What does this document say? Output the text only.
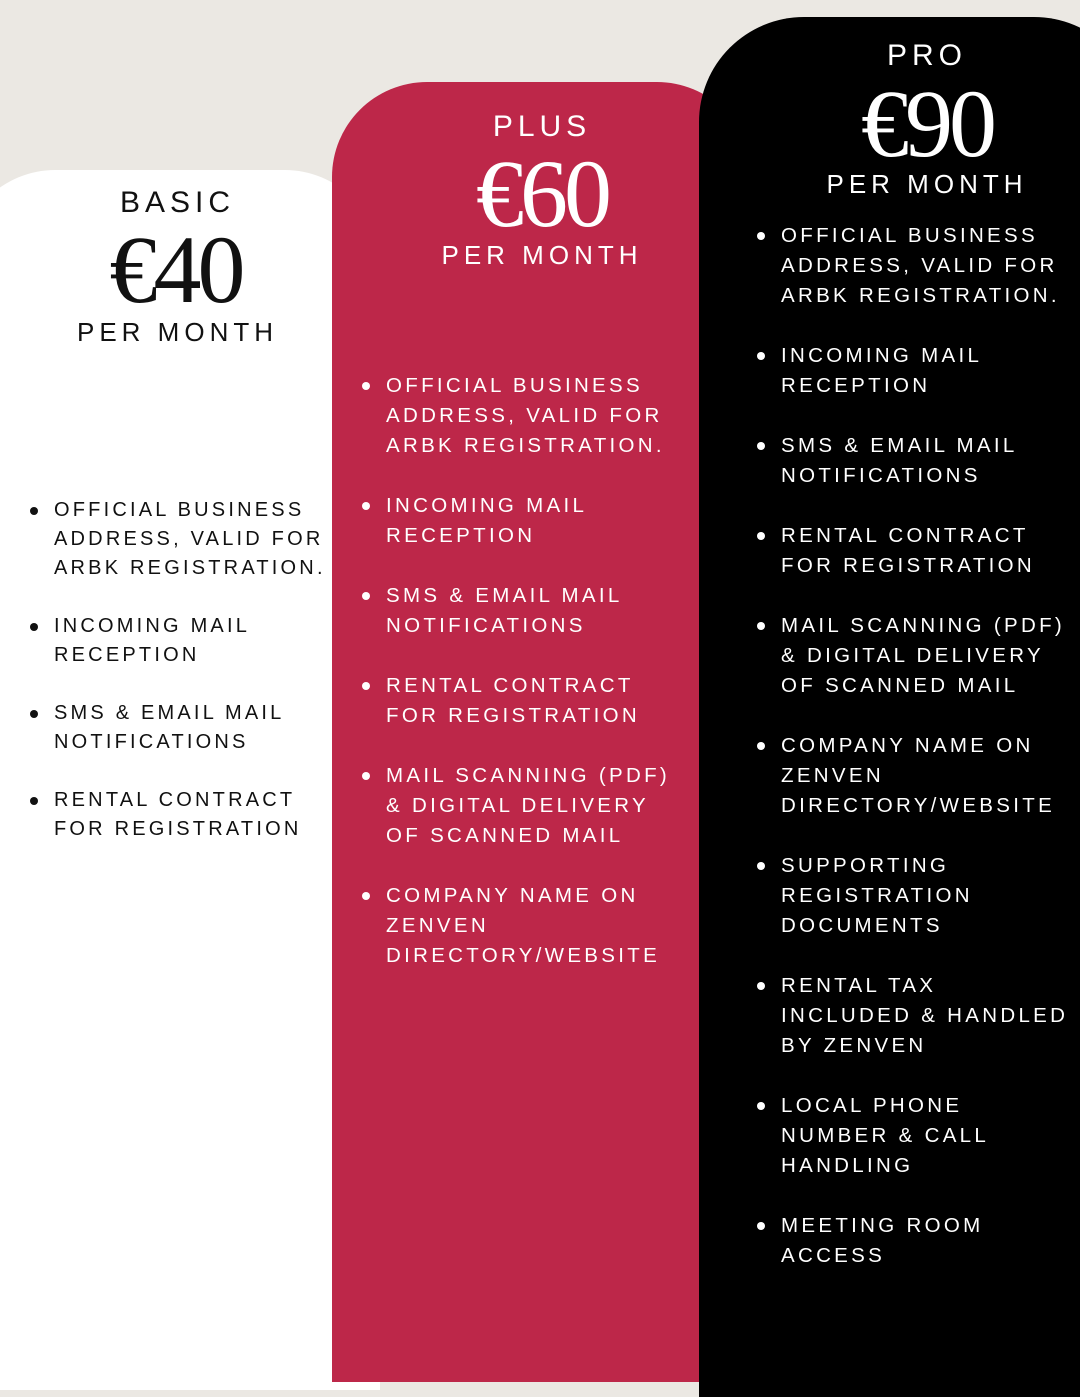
BASIC
€40
PER MONTH
OFFICIAL BUSINESS ADDRESS, VALID FOR ARBK REGISTRATION.
INCOMING MAIL RECEPTION
SMS & EMAIL MAIL NOTIFICATIONS
RENTAL CONTRACT FOR REGISTRATION
PLUS
€60
PER MONTH
OFFICIAL BUSINESS ADDRESS, VALID FOR ARBK REGISTRATION.
INCOMING MAIL RECEPTION
SMS & EMAIL MAIL NOTIFICATIONS
RENTAL CONTRACT FOR REGISTRATION
MAIL SCANNING (PDF) & DIGITAL DELIVERY OF SCANNED MAIL
COMPANY NAME ON ZENVEN DIRECTORY/WEBSITE
PRO
€90
PER MONTH
OFFICIAL BUSINESS ADDRESS, VALID FOR ARBK REGISTRATION.
INCOMING MAIL RECEPTION
SMS & EMAIL MAIL NOTIFICATIONS
RENTAL CONTRACT FOR REGISTRATION
MAIL SCANNING (PDF) & DIGITAL DELIVERY OF SCANNED MAIL
COMPANY NAME ON ZENVEN DIRECTORY/WEBSITE
SUPPORTING REGISTRATION DOCUMENTS
RENTAL TAX INCLUDED & HANDLED BY ZENVEN
LOCAL PHONE NUMBER & CALL HANDLING
MEETING ROOM ACCESS
